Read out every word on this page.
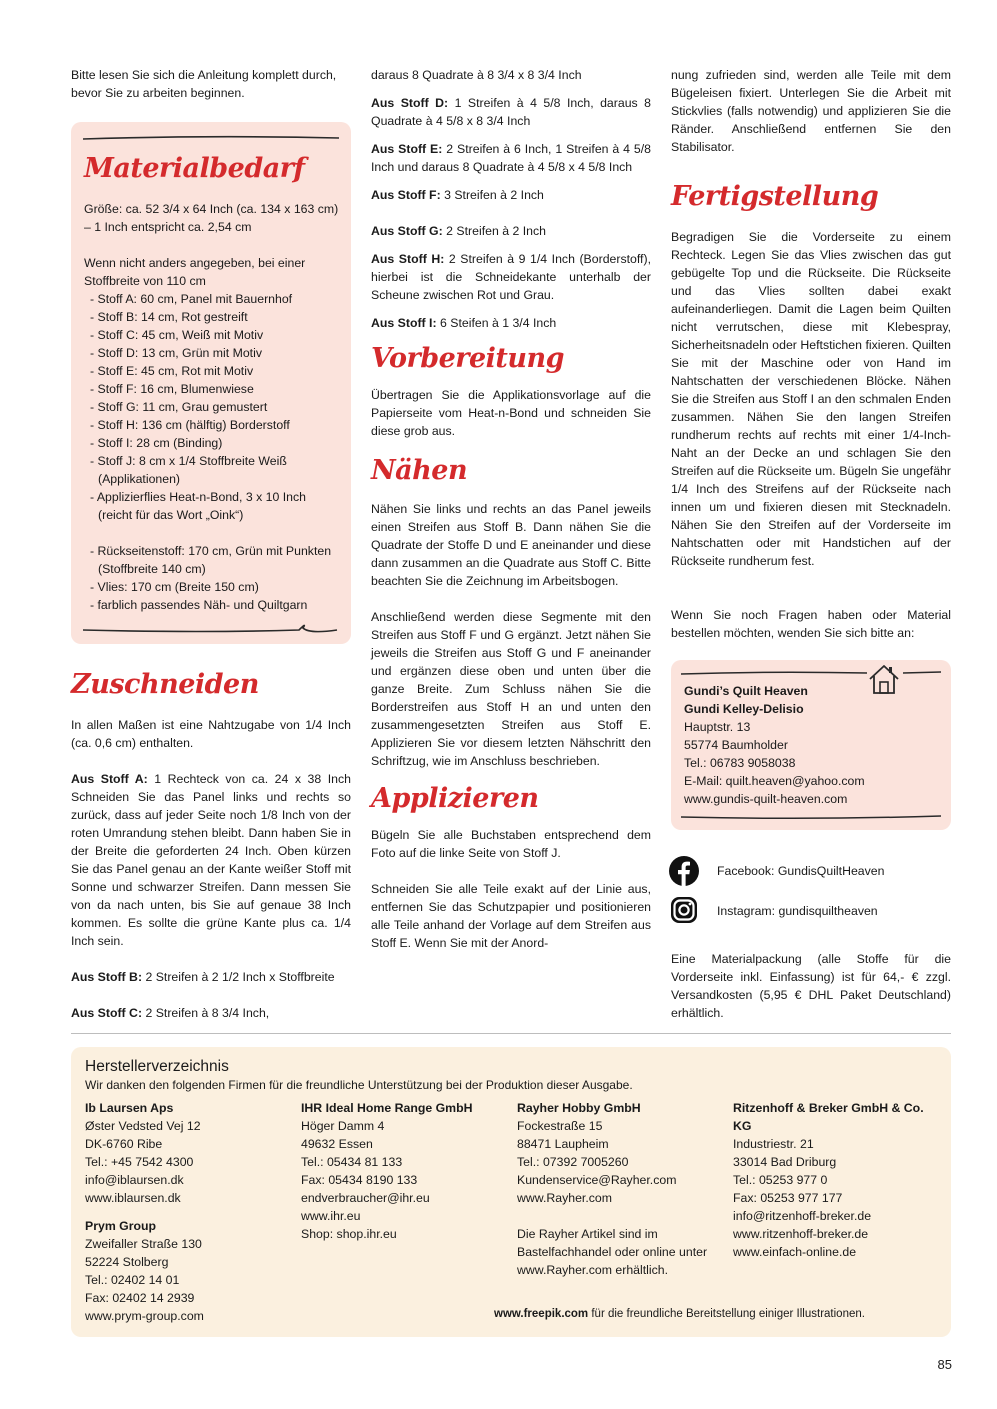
Bitte lesen Sie sich die Anleitung komplett durch, bevor Sie zu arbeiten beginnen.

Materialbedarf

Größe: ca. 52 3/4 x 64 Inch (ca. 134 x 163 cm) – 1 Inch entspricht ca. 2,54 cm

Wenn nicht anders angegeben, bei einer Stoffbreite von 110 cm

- Stoff A: 60 cm, Panel mit Bauernhof
- Stoff B: 14 cm, Rot gestreift
- Stoff C: 45 cm, Weiß mit Motiv
- Stoff D: 13 cm, Grün mit Motiv
- Stoff E: 45 cm, Rot mit Motiv
- Stoff F: 16 cm, Blumenwiese
- Stoff G: 11 cm, Grau gemustert
- Stoff H: 136 cm (hälftig) Borderstoff
- Stoff I: 28 cm (Binding)
- Stoff J: 8 cm x 1/4 Stoffbreite Weiß (Applikationen)
- Applizierflies Heat-n-Bond, 3 x 10 Inch (reicht für das Wort „Oink“)
- Rückseitenstoff: 170 cm, Grün mit Punkten (Stoffbreite 140 cm)
- Vlies: 170 cm (Breite 150 cm)
- farblich passendes Näh- und Quiltgarn
Zuschneiden

In allen Maßen ist eine Nahtzugabe von 1/4 Inch (ca. 0,6 cm) enthalten.

Aus Stoff A: 1 Rechteck von ca. 24 x 38 Inch Schneiden Sie das Panel links und rechts so zurück, dass auf jeder Seite noch 1/8 Inch von der roten Umrandung stehen bleibt. Dann haben Sie in der Breite die geforderten 24 Inch. Oben kürzen Sie das Panel genau an der Kante weißer Stoff mit Sonne und schwarzer Streifen. Dann messen Sie von da nach unten, bis Sie auf genaue 38 Inch kommen. Es sollte die grüne Kante plus ca. 1/4 Inch sein.

Aus Stoff B: 2 Streifen à 2 1/2 Inch x Stoffbreite

Aus Stoff C: 2 Streifen à 8 3/4 Inch,

daraus 8 Quadrate à 8 3/4 x 8 3/4 Inch

Aus Stoff D: 1 Streifen à 4 5/8 Inch, daraus 8 Quadrate à 4 5/8 x 8 3/4 Inch

Aus Stoff E: 2 Streifen à 6 Inch, 1 Streifen à 4 5/8 Inch und daraus 8 Quadrate à 4 5/8 x 4 5/8 Inch

Aus Stoff F: 3 Streifen à 2 Inch

Aus Stoff G: 2 Streifen à 2 Inch

Aus Stoff H: 2 Streifen à 9 1/4 Inch (Borderstoff), hierbei ist die Schneidekante unterhalb der Scheune zwischen Rot und Grau.

Aus Stoff I: 6 Steifen à 1 3/4 Inch

Vorbereitung

Übertragen Sie die Applikationsvorlage auf die Papierseite vom Heat-n-Bond und schneiden Sie diese grob aus.

Nähen

Nähen Sie links und rechts an das Panel jeweils einen Streifen aus Stoff B. Dann nähen Sie die Quadrate der Stoffe D und E aneinander und diese dann zusammen an die Quadrate aus Stoff C. Bitte beachten Sie die Zeichnung im Arbeitsbogen.

Anschließend werden diese Segmente mit den Streifen aus Stoff F und G ergänzt. Jetzt nähen Sie jeweils die Streifen aus Stoff G und F aneinander und ergänzen diese oben und unten über die ganze Breite. Zum Schluss nähen Sie die Borderstreifen aus Stoff H an und unten den zusammengesetzten Streifen aus Stoff E. Applizieren Sie vor diesem letzten Nähschritt den Schriftzug, wie im Anschluss beschrieben.

Applizieren

Bügeln Sie alle Buchstaben entsprechend dem Foto auf die linke Seite von Stoff J.

Schneiden Sie alle Teile exakt auf der Linie aus, entfernen Sie das Schutzpapier und positionieren alle Teile anhand der Vorlage auf dem Streifen aus Stoff E. Wenn Sie mit der Anord-

nung zufrieden sind, werden alle Teile mit dem Bügeleisen fixiert. Unterlegen Sie die Arbeit mit Stickvlies (falls notwendig) und applizieren Sie die Ränder. Anschließend entfernen Sie den Stabilisator.

Fertigstellung

Begradigen Sie die Vorderseite zu einem Rechteck. Legen Sie das Vlies zwischen das gut gebügelte Top und die Rückseite. Die Rückseite und das Vlies sollten dabei exakt aufeinanderliegen. Damit die Lagen beim Quilten nicht verrutschen, diese mit Klebespray, Sicherheitsnadeln oder Heftstichen fixieren. Quilten Sie mit der Maschine oder von Hand im Nahtschatten der verschiedenen Blöcke. Nähen Sie die Streifen aus Stoff I an den schmalen Enden zusammen. Nähen Sie den langen Streifen rundherum rechts auf rechts mit einer 1/4-Inch-Naht an der Decke an und schlagen Sie den Streifen auf die Rückseite um. Bügeln Sie ungefähr 1/4 Inch des Streifens auf der Rückseite nach innen um und fixieren diesen mit Stecknadeln. Nähen Sie den Streifen auf der Vorderseite im Nahtschatten oder mit Handstichen auf der Rückseite rundherum fest.

Wenn Sie noch Fragen haben oder Material bestellen möchten, wenden Sie sich bitte an:

Gundi’s Quilt Heaven

Gundi Kelley-Delisio

Hauptstr. 13

55774 Baumholder

Tel.: 06783 9058038

E-Mail: quilt.heaven@yahoo.com

www.gundis-quilt-heaven.com

Facebook: GundisQuiltHeaven
Instagram: gundisquiltheaven

Eine Materialpackung (alle Stoffe für die Vorderseite inkl. Einfassung) ist für 64,- € zzgl. Versandkosten (5,95 € DHL Paket Deutschland) erhältlich.

Herstellerverzeichnis
Wir danken den folgenden Firmen für die freundliche Unterstützung bei der Produktion dieser Ausgabe.

Ib Laursen Aps

Øster Vedsted Vej 12

DK-6760 Ribe

Tel.: +45 7542 4300

info@iblaursen.dk

www.iblaursen.dk

Prym Group

Zweifaller Straße 130

52224 Stolberg

Tel.: 02402 14 01

Fax: 02402 14 2939

www.prym-group.com

IHR Ideal Home Range GmbH

Höger Damm 4

49632 Essen

Tel.: 05434 81 133

Fax: 05434 8190 133

endverbraucher@ihr.eu

www.ihr.eu

Shop: shop.ihr.eu

Rayher Hobby GmbH

Fockestraße 15

88471 Laupheim

Tel.: 07392 7005260

Kundenservice@Rayher.com

www.Rayher.com

Die Rayher Artikel sind im Bastelfachhandel oder online unter www.Rayher.com erhältlich.

Ritzenhoff & Breker GmbH & Co. KG

Industriestr. 21

33014 Bad Driburg

Tel.: 05253 977 0

Fax: 05253 977 177

info@ritzenhoff-breker.de

www.ritzenhoff-breker.de

www.einfach-online.de

www.freepik.com für die freundliche Bereitstellung einiger Illustrationen.
85
